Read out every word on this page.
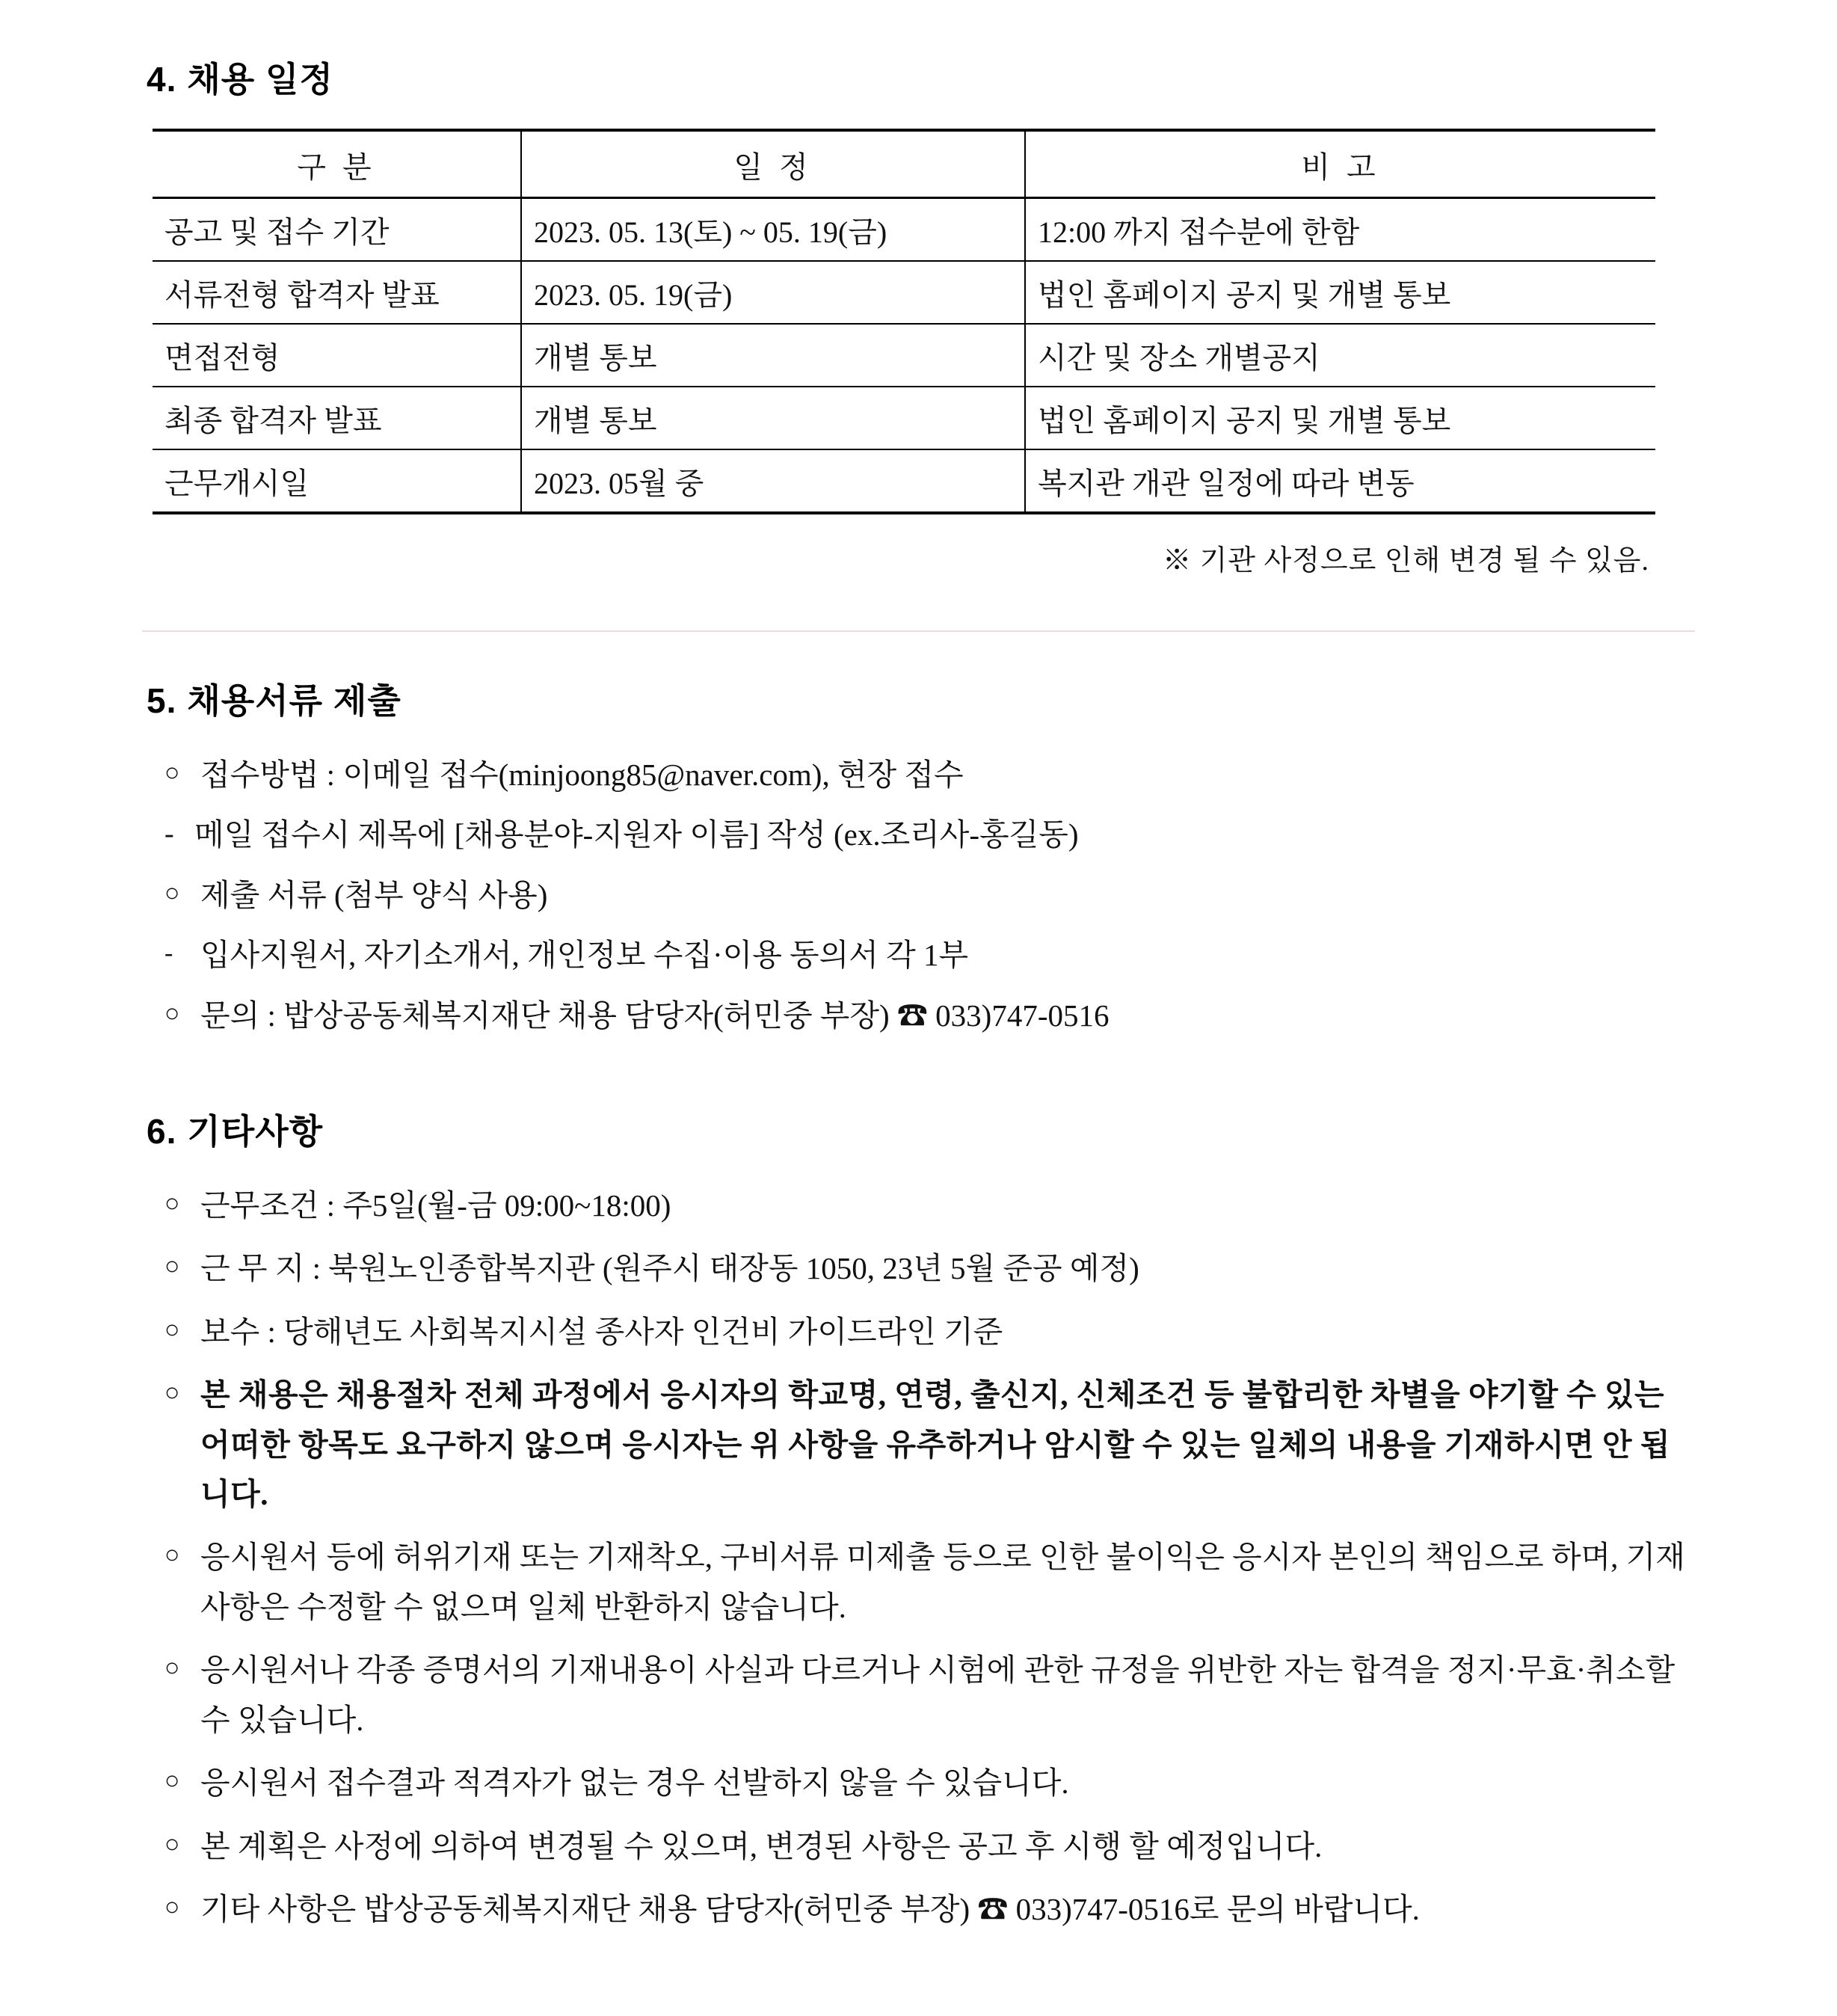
4. 채용 일정
구 분	일 정	비 고
공고 및 접수 기간	2023. 05. 13(토) ~ 05. 19(금)	12:00 까지 접수분에 한함
서류전형 합격자 발표	2023. 05. 19(금)	법인 홈페이지 공지 및 개별 통보
면접전형	개별 통보	시간 및 장소 개별공지
최종 합격자 발표	개별 통보	법인 홈페이지 공지 및 개별 통보
근무개시일	2023. 05월 중	복지관 개관 일정에 따라 변동
※ 기관 사정으로 인해 변경 될 수 있음.
5. 채용서류 제출
○ 접수방법 : 이메일 접수(minjoong85@naver.com), 현장 접수
- 메일 접수시 제목에 [채용분야-지원자 이름] 작성 (ex.조리사-홍길동)
○ 제출 서류 (첨부 양식 사용)
- 입사지원서, 자기소개서, 개인정보 수집·이용 동의서 각 1부
○ 문의 : 밥상공동체복지재단 채용 담당자(허민중 부장) ☎ 033)747-0516
6. 기타사항
○ 근무조건 : 주5일(월-금 09:00~18:00)
○ 근 무 지 : 북원노인종합복지관 (원주시 태장동 1050, 23년 5월 준공 예정)
○ 보수 : 당해년도 사회복지시설 종사자 인건비 가이드라인 기준
○ 본 채용은 채용절차 전체 과정에서 응시자의 학교명, 연령, 출신지, 신체조건 등 불합리한 차별을 야기할 수 있는 어떠한 항목도 요구하지 않으며 응시자는 위 사항을 유추하거나 암시할 수 있는 일체의 내용을 기재하시면 안 됩니다.
○ 응시원서 등에 허위기재 또는 기재착오, 구비서류 미제출 등으로 인한 불이익은 응시자 본인의 책임으로 하며, 기재사항은 수정할 수 없으며 일체 반환하지 않습니다.
○ 응시원서나 각종 증명서의 기재내용이 사실과 다르거나 시험에 관한 규정을 위반한 자는 합격을 정지·무효·취소할 수 있습니다.
○ 응시원서 접수결과 적격자가 없는 경우 선발하지 않을 수 있습니다.
○ 본 계획은 사정에 의하여 변경될 수 있으며, 변경된 사항은 공고 후 시행 할 예정입니다.
○ 기타 사항은 밥상공동체복지재단 채용 담당자(허민중 부장) ☎ 033)747-0516로 문의 바랍니다.
